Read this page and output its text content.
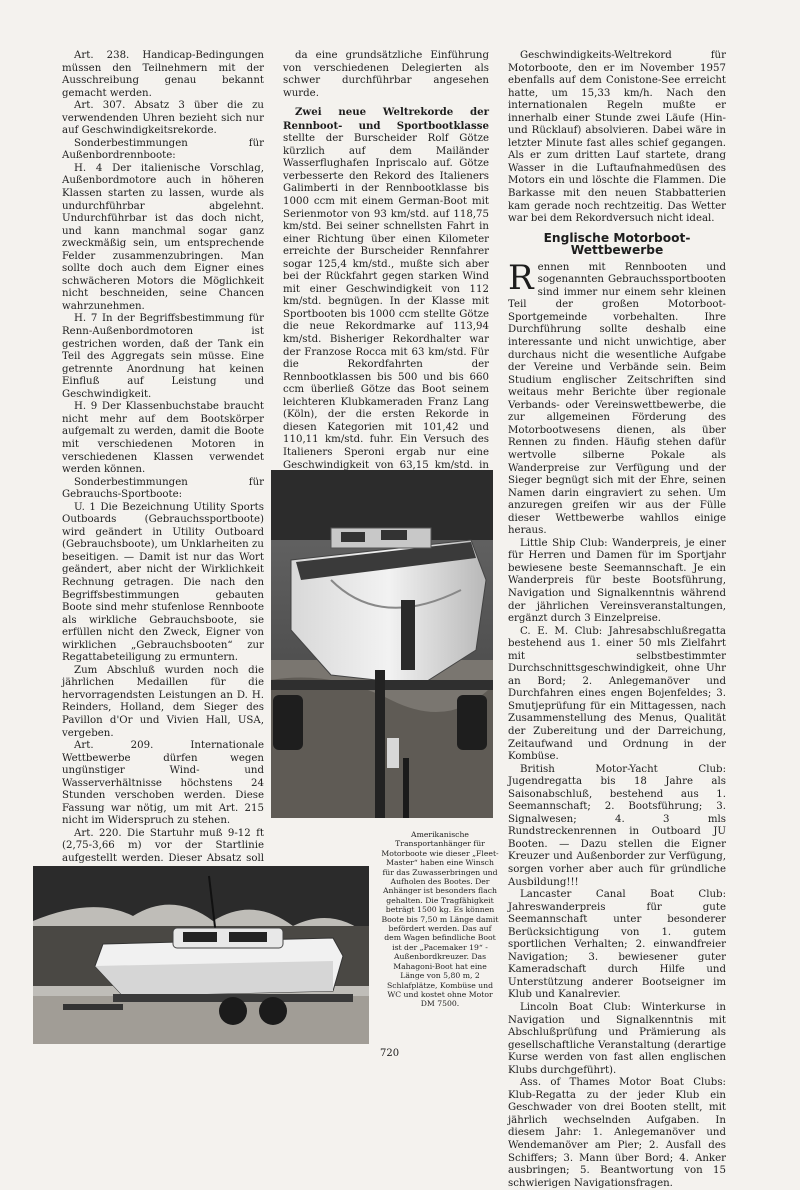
Art. 238. Handicap-Bedingungen müssen den Teilnehmern mit der Ausschreibung genau bekannt gemacht werden.

Art. 307. Absatz 3 über die zu verwendenden Uhren bezieht sich nur auf Geschwindigkeitsrekorde.

Sonderbestimmungen für Außenbordrennboote:

H. 4 Der italienische Vorschlag, Außenbordmotore auch in höheren Klassen starten zu lassen, wurde als undurchführbar abgelehnt. Undurchführbar ist das doch nicht, und kann manchmal sogar ganz zweckmäßig sein, um entsprechende Felder zusammenzubringen. Man sollte doch auch dem Eigner eines schwächeren Motors die Möglichkeit nicht beschneiden, seine Chancen wahrzunehmen.

H. 7 In der Begriffsbestimmung für Renn-Außenbordmotoren ist gestrichen worden, daß der Tank ein Teil des Aggregats sein müsse. Eine getrennte Anordnung hat keinen Einfluß auf Leistung und Geschwindigkeit.

H. 9 Der Klassenbuchstabe braucht nicht mehr auf dem Bootskörper aufgemalt zu werden, damit die Boote mit verschiedenen Motoren in verschiedenen Klassen verwendet werden können.

Sonderbestimmungen für Gebrauchs-Sportboote:

U. 1 Die Bezeichnung Utility Sports Outboards (Gebrauchssportboote) wird geändert in Utility Outboard (Gebrauchsboote), um Unklarheiten zu beseitigen. — Damit ist nur das Wort geändert, aber nicht der Wirklichkeit Rechnung getragen. Die nach den Begriffsbestimmungen gebauten Boote sind mehr stufenlose Rennboote als wirkliche Gebrauchsboote, sie erfüllen nicht den Zweck, Eigner von wirklichen „Gebrauchsbooten“ zur Regattabeteiligung zu ermuntern.

Zum Abschluß wurden noch die jährlichen Medaillen für die hervorragendsten Leistungen an D. H. Reinders, Holland, dem Sieger des Pavillon d'Or und Vivien Hall, USA, vergeben.

Art. 209. Internationale Wettbewerbe dürfen wegen ungünstiger Wind- und Wasserverhältnisse höchstens 24 Stunden verschoben werden. Diese Fassung war nötig, um mit Art. 215 nicht im Widerspruch zu stehen.

Art. 220. Die Startuhr muß 9-12 ft (2,75-3,66 m) vor der Startlinie aufgestellt werden. Dieser Absatz soll

da eine grundsätzliche Einführung von verschiedenen Delegierten als schwer durchführbar angesehen wurde.

Zwei neue Weltrekorde der Rennboot- und Sportbootklasse stellte der Burscheider Rolf Götze kürzlich auf dem Mailänder Wasserflughafen Inpriscalo auf. Götze verbesserte den Rekord des Italieners Galimberti in der Rennbootklasse bis 1000 ccm mit einem German-Boot mit Serienmotor von 93 km/std. auf 118,75 km/std. Bei seiner schnellsten Fahrt in einer Richtung über einen Kilometer erreichte der Burscheider Rennfahrer sogar 125,4 km/std., mußte sich aber bei der Rückfahrt gegen starken Wind mit einer Geschwindigkeit von 112 km/std. begnügen. In der Klasse mit Sportbooten bis 1000 ccm stellte Götze die neue Rekordmarke auf 113,94 km/std. Bisheriger Rekordhalter war der Franzose Rocca mit 63 km/std. Für die Rekordfahrten der Rennbootklassen bis 500 und bis 660 ccm überließ Götze das Boot seinem leichteren Klubkameraden Franz Lang (Köln), der die ersten Rekorde in diesen Kategorien mit 101,42 und 110,11 km/std. fuhr. Ein Versuch des Italieners Speroni ergab nur eine Geschwindigkeit von 63,15 km/std. in

Amerikanische Transportanhänger für Motorboote wie dieser „Fleet-Master“ haben eine Winsch für das Zuwasserbringen und Aufholen des Bootes. Der Anhänger ist besonders flach gehalten. Die Tragfähigkeit beträgt 1500 kg. Es können Boote bis 7,50 m Länge damit befördert werden. Das auf dem Wagen befindliche Boot ist der „Pacemaker 19“ - Außenbordkreuzer. Das Mahagoni-Boot hat eine Länge von 5,80 m, 2 Schlafplätze, Kombüse und WC und kostet ohne Motor DM 7500.

Geschwindigkeits-Weltrekord für Motorboote, den er im November 1957 ebenfalls auf dem Conistone-See erreicht hatte, um 15,33 km/h. Nach den internationalen Regeln mußte er innerhalb einer Stunde zwei Läufe (Hin- und Rücklauf) absolvieren. Dabei wäre in letzter Minute fast alles schief gegangen. Als er zum dritten Lauf startete, drang Wasser in die Luftaufnahmedüsen des Motors ein und löschte die Flammen. Die Barkasse mit den neuen Stabbatterien kam gerade noch rechtzeitig. Das Wetter war bei dem Rekordversuch nicht ideal.

Englische Motorboot-Wettbewerbe

Rennen mit Rennbooten und sogenannten Gebrauchssportbooten sind immer nur einem sehr kleinen Teil der großen Motorboot-Sportgemeinde vorbehalten. Ihre Durchführung sollte deshalb eine interessante und nicht unwichtige, aber durchaus nicht die wesentliche Aufgabe der Vereine und Verbände sein. Beim Studium englischer Zeitschriften sind weitaus mehr Berichte über regionale Verbands- oder Vereinswettbewerbe, die zur allgemeinen Förderung des Motorbootwesens dienen, als über Rennen zu finden. Häufig stehen dafür wertvolle silberne Pokale als Wanderpreise zur Verfügung und der Sieger begnügt sich mit der Ehre, seinen Namen darin eingraviert zu sehen. Um anzuregen greifen wir aus der Fülle dieser Wettbewerbe wahllos einige heraus.

Little Ship Club: Wanderpreis, je einer für Herren und Damen für im Sportjahr bewiesene beste Seemannschaft. Je ein Wanderpreis für beste Bootsführung, Navigation und Signalkenntnis während der jährlichen Vereinsveranstaltungen, ergänzt durch 3 Einzelpreise.

C. E. M. Club: Jahresabschlußregatta bestehend aus 1. einer 50 mls Zielfahrt mit selbstbestimmter Durchschnittsgeschwindigkeit, ohne Uhr an Bord; 2. Anlegemanöver und Durchfahren eines engen Bojenfeldes; 3. Smutjeprüfung für ein Mittagessen, nach Zusammenstellung des Menus, Qualität der Zubereitung und der Darreichung, Zeitaufwand und Ordnung in der Kombüse.

British Motor-Yacht Club: Jugendregatta bis 18 Jahre als Saisonabschluß, bestehend aus 1. Seemannschaft; 2. Bootsführung; 3. Signalwesen; 4. 3 mls Rundstreckenrennen in Outboard JU Booten. — Dazu stellen die Eigner Kreuzer und Außenborder zur Verfügung, sorgen vorher aber auch für gründliche Ausbildung!!!

Lancaster Canal Boat Club: Jahreswanderpreis für gute Seemannschaft unter besonderer Berücksichtigung von 1. gutem sportlichen Verhalten; 2. einwandfreier Navigation; 3. bewiesener guter Kameradschaft durch Hilfe und Unterstützung anderer Bootseigner im Klub und Kanalrevier.

Lincoln Boat Club: Winterkurse in Navigation und Signalkenntnis mit Abschlußprüfung und Prämierung als gesellschaftliche Veranstaltung (derartige Kurse werden von fast allen englischen Klubs durchgeführt).

Ass. of Thames Motor Boat Clubs: Klub-Regatta zu der jeder Klub ein Geschwader von drei Booten stellt, mit jährlich wechselnden Aufgaben. In diesem Jahr: 1. Anlegemanöver und Wendemanöver am Pier; 2. Ausfall des Schiffers; 3. Mann über Bord; 4. Anker ausbringen; 5. Beantwortung von 15 schwierigen Navigationsfragen.

720
